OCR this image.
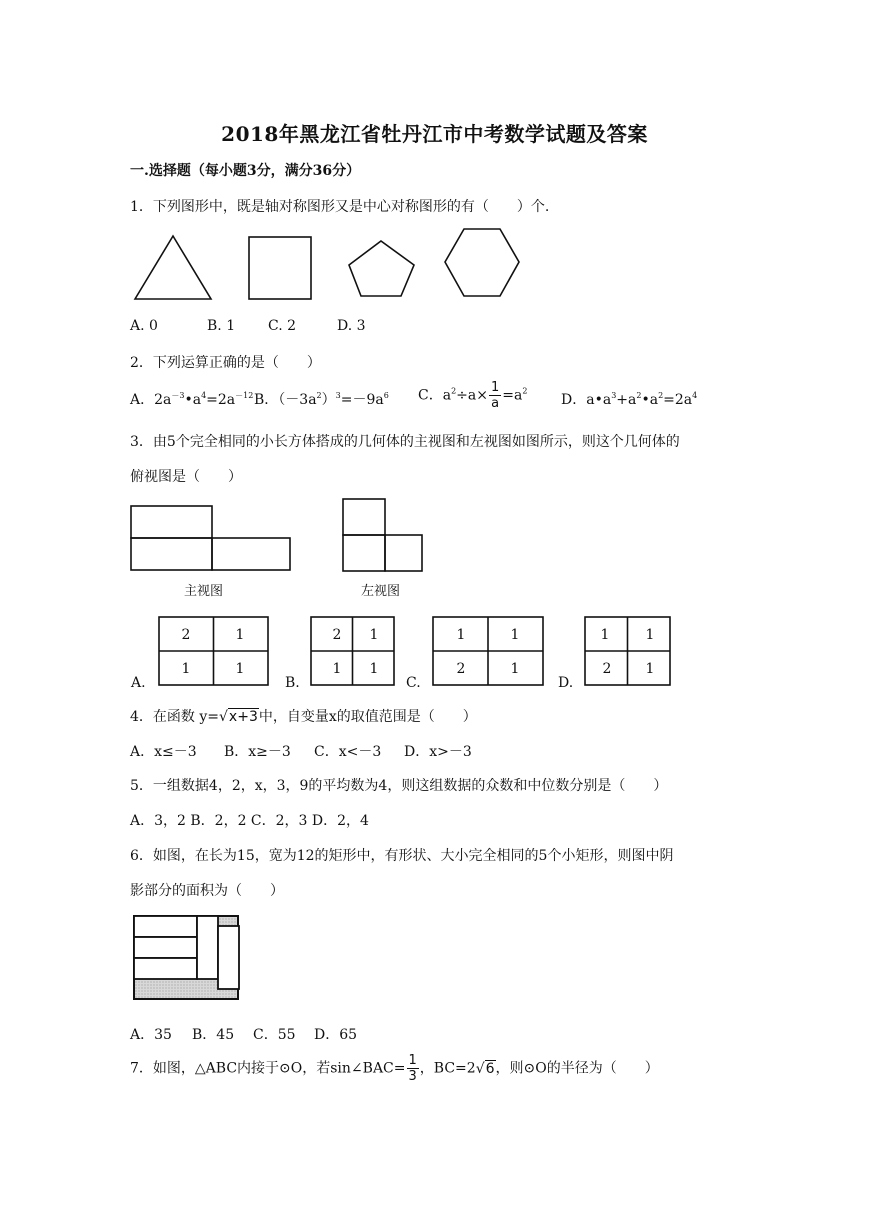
2018年黑龙江省牡丹江市中考数学试题及答案
一.选择题（每小题3分，满分36分）
1．下列图形中，既是轴对称图形又是中心对称图形的有（　　）个.
A. 0	B. 1 C. 2	D. 3
2．下列运算正确的是（　　）
A．$2a^{-3}•a^4=2a^{-12}$ B．$(-3a^2)^3=-9a^6$ C．$a^2\div a\times \frac{1}{a} =a^2$
D．$a•a^3+a^2•a^2=2a^4$
3．由5个完全相同的小长方体搭成的几何体的主视图和左视图如图所示，则这个几何体的
俯视图是（　　）
主视图	左视图
A.	B.	C.	D.
2	1
1	1
2 1
1 1
1	1
2	1
1	1
2 1
4．在函数 y=√x+3中，自变量x的取值范围是（　　）
A．x≤－3 B．x≥－3 C．x<－3 D．x>－3
5．一组数据4，2，x，3，9的平均数为4，则这组数据的众数和中位数分别是（　　）
A．3，2 B．2，2 C．2，3 D．2，4
6．如图，在长为15，宽为12的矩形中，有形状、大小完全相同的5个小矩形，则图中阴
影部分的面积为（　　）
A．35 B．45 C．55 D．65
7．如图，△ABC内接于⊙O，若sin∠BAC= $\frac{1}{3}$ ，BC=2√6，则⊙O的半径为（　　）
